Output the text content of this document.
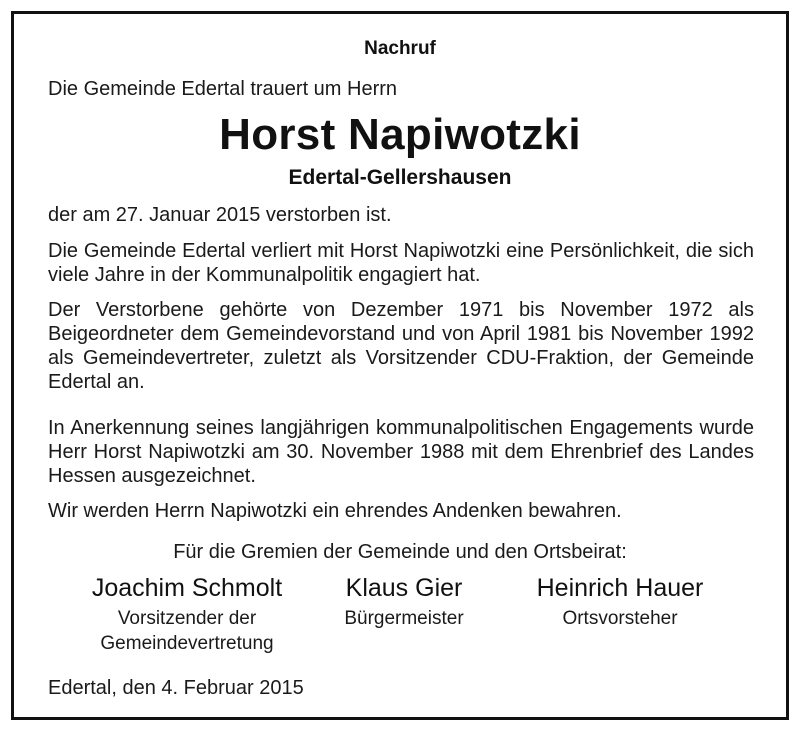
Nachruf
Die Gemeinde Edertal trauert um Herrn
Horst Napiwotzki
Edertal-Gellershausen
der am 27. Januar 2015 verstorben ist.
Die Gemeinde Edertal verliert mit Horst Napiwotzki eine Persönlichkeit, die sich viele Jahre in der Kommunalpolitik engagiert hat.
Der Verstorbene gehörte von Dezember 1971 bis November 1972 als Beigeordneter dem Gemeindevorstand und von April 1981 bis November 1992 als Gemeindevertreter, zuletzt als Vorsitzender CDU-Fraktion, der Gemeinde Edertal an.
In Anerkennung seines langjährigen kommunalpolitischen Engagements wurde Herr Horst Napiwotzki am 30. November 1988 mit dem Ehrenbrief des Landes Hessen ausgezeichnet.
Wir werden Herrn Napiwotzki ein ehrendes Andenken bewahren.
Für die Gremien der Gemeinde und den Ortsbeirat:
Joachim Schmolt
Vorsitzender der Gemeindevertretung
Klaus Gier
Bürgermeister
Heinrich Hauer
Ortsvorsteher
Edertal, den 4. Februar 2015
